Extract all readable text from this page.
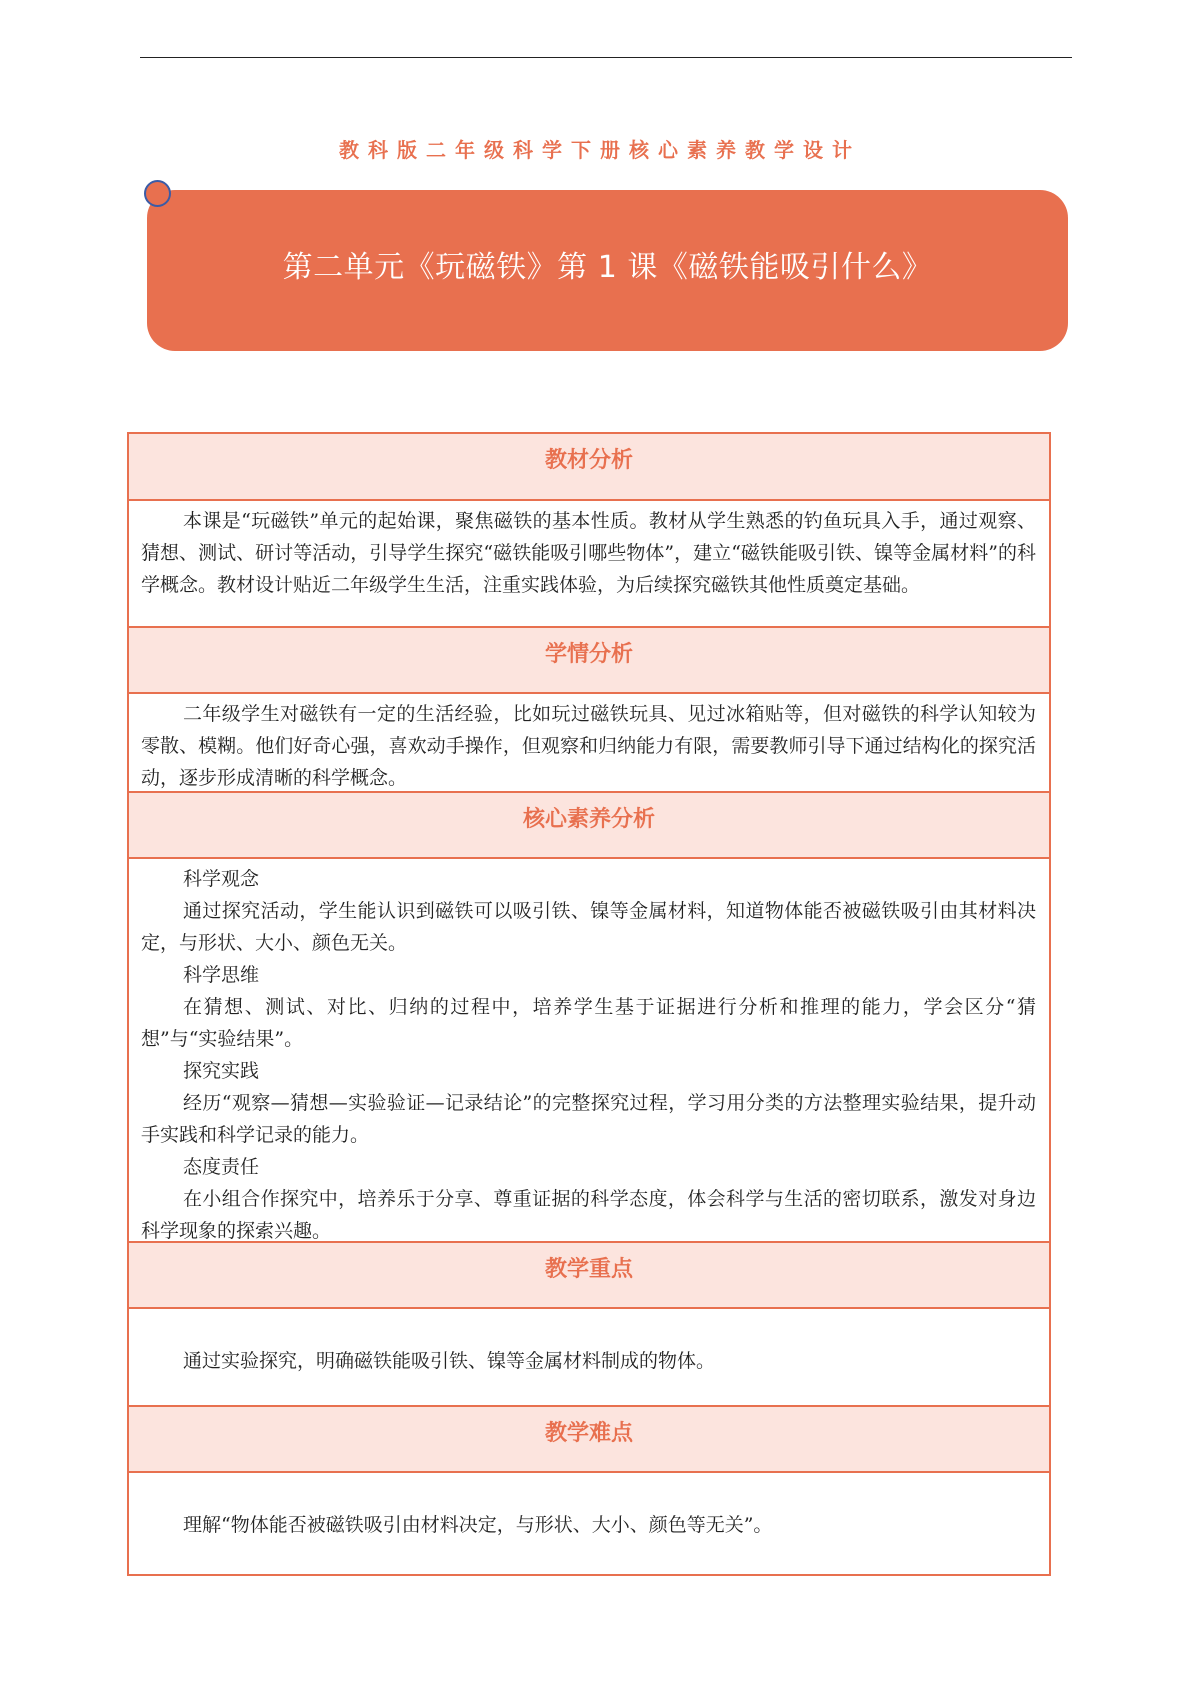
教科版二年级科学下册核心素养教学设计
第二单元《玩磁铁》第 1 课《磁铁能吸引什么》
教材分析

本课是“玩磁铁”单元的起始课，聚焦磁铁的基本性质。教材从学生熟悉的钓鱼玩具入手，通过观察、猜想、测试、研讨等活动，引导学生探究“磁铁能吸引哪些物体”，建立“磁铁能吸引铁、镍等金属材料”的科学概念。教材设计贴近二年级学生生活，注重实践体验，为后续探究磁铁其他性质奠定基础。

学情分析

二年级学生对磁铁有一定的生活经验，比如玩过磁铁玩具、见过冰箱贴等，但对磁铁的科学认知较为零散、模糊。他们好奇心强，喜欢动手操作，但观察和归纳能力有限，需要教师引导下通过结构化的探究活动，逐步形成清晰的科学概念。

核心素养分析

科学观念

通过探究活动，学生能认识到磁铁可以吸引铁、镍等金属材料，知道物体能否被磁铁吸引由其材料决定，与形状、大小、颜色无关。

科学思维

在猜想、测试、对比、归纳的过程中，培养学生基于证据进行分析和推理的能力，学会区分“猜想”与“实验结果”。

探究实践

经历“观察—猜想—实验验证—记录结论”的完整探究过程，学习用分类的方法整理实验结果，提升动手实践和科学记录的能力。

态度责任

在小组合作探究中，培养乐于分享、尊重证据的科学态度，体会科学与生活的密切联系，激发对身边科学现象的探索兴趣。

教学重点

通过实验探究，明确磁铁能吸引铁、镍等金属材料制成的物体。

教学难点

理解“物体能否被磁铁吸引由材料决定，与形状、大小、颜色等无关”。
